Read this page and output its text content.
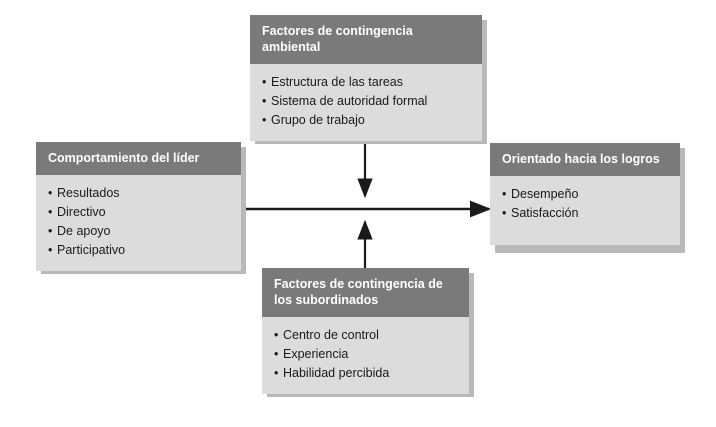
Factores de contingencia ambiental
• Estructura de las tareas
• Sistema de autoridad formal
• Grupo de trabajo
Comportamiento del líder
• Resultados
• Directivo
• De apoyo
• Participativo
Orientado hacia los logros
• Desempeño
• Satisfacción
Factores de contingencia de los subordinados
• Centro de control
• Experiencia
• Habilidad percibida
